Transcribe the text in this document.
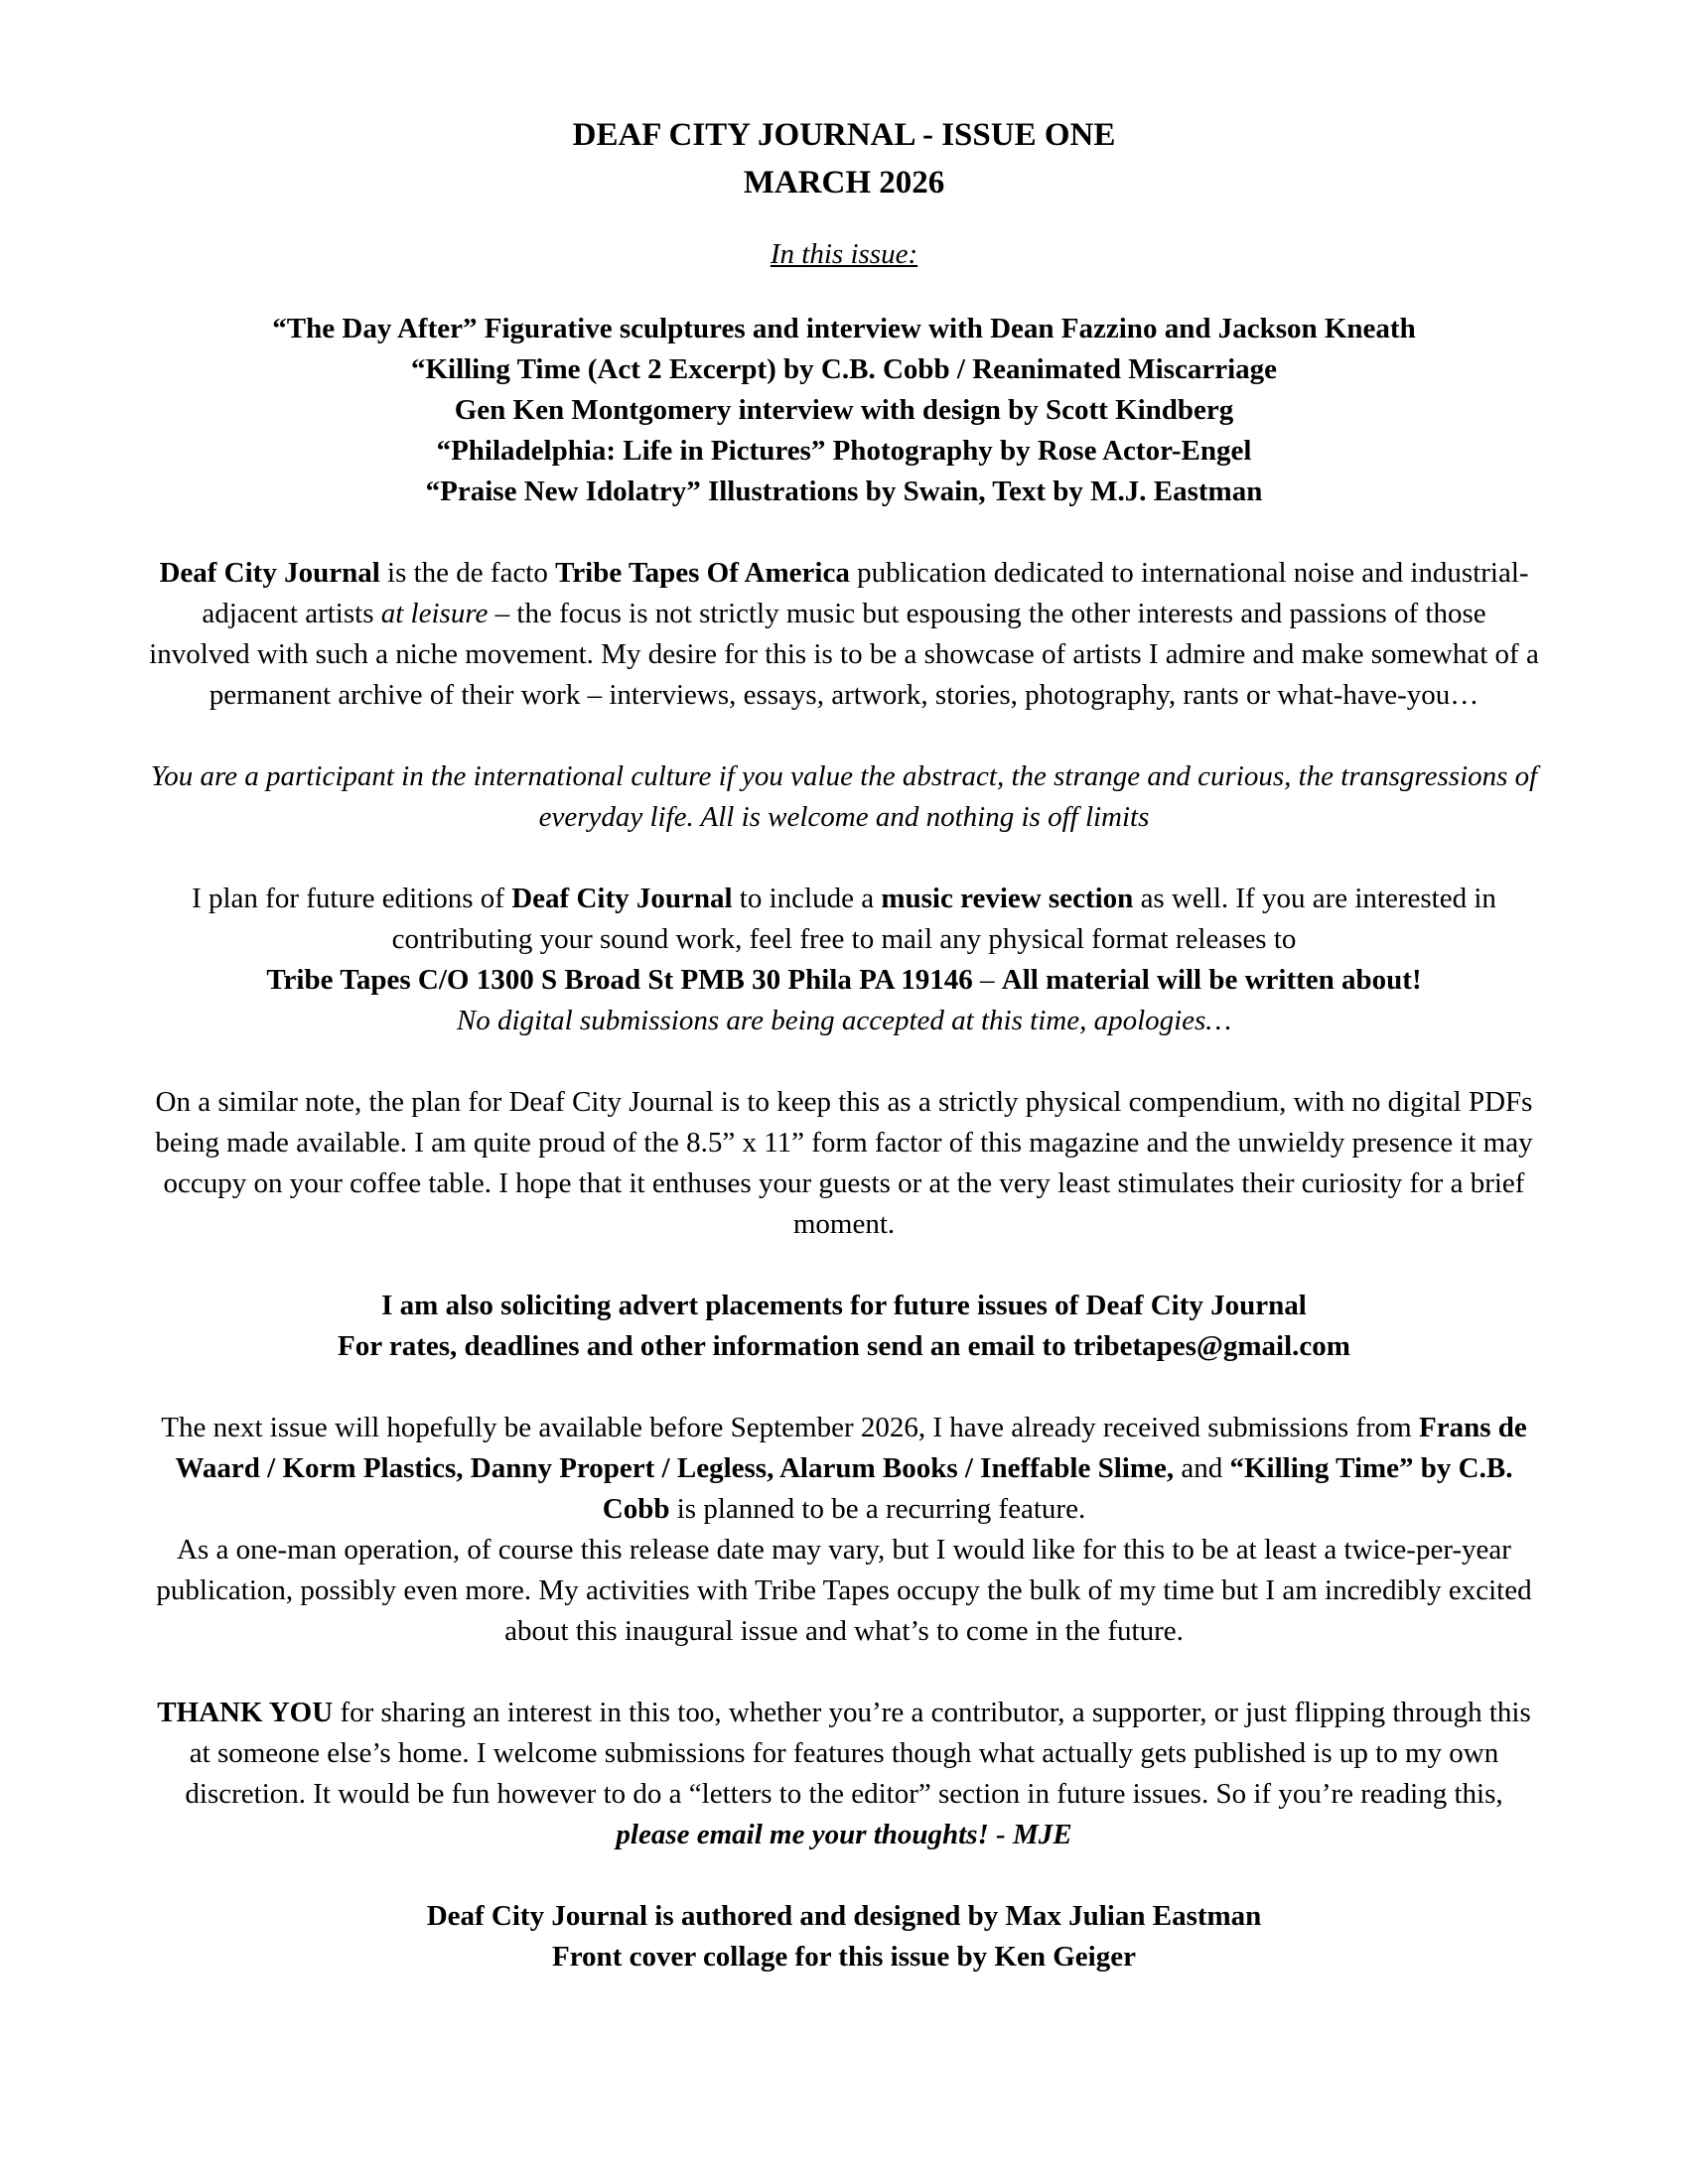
DEAF CITY JOURNAL - ISSUE ONE
MARCH 2026
In this issue:
“The Day After” Figurative sculptures and interview with Dean Fazzino and Jackson Kneath
“Killing Time (Act 2 Excerpt) by C.B. Cobb / Reanimated Miscarriage
Gen Ken Montgomery interview with design by Scott Kindberg
“Philadelphia: Life in Pictures” Photography by Rose Actor-Engel
“Praise New Idolatry” Illustrations by Swain, Text by M.J. Eastman

Deaf City Journal is the de facto Tribe Tapes Of America publication dedicated to international noise and industrial-adjacent artists at leisure – the focus is not strictly music but espousing the other interests and passions of those involved with such a niche movement. My desire for this is to be a showcase of artists I admire and make somewhat of a permanent archive of their work – interviews, essays, artwork, stories, photography, rants or what-have-you…

You are a participant in the international culture if you value the abstract, the strange and curious, the transgressions of everyday life. All is welcome and nothing is off limits

I plan for future editions of Deaf City Journal to include a music review section as well. If you are interested in contributing your sound work, feel free to mail any physical format releases to
Tribe Tapes C/O 1300 S Broad St PMB 30 Phila PA 19146 – All material will be written about!
No digital submissions are being accepted at this time, apologies…

On a similar note, the plan for Deaf City Journal is to keep this as a strictly physical compendium, with no digital PDFs being made available. I am quite proud of the 8.5” x 11” form factor of this magazine and the unwieldy presence it may occupy on your coffee table. I hope that it enthuses your guests or at the very least stimulates their curiosity for a brief moment.

I am also soliciting advert placements for future issues of Deaf City Journal
For rates, deadlines and other information send an email to tribetapes@gmail.com

The next issue will hopefully be available before September 2026, I have already received submissions from Frans de Waard / Korm Plastics, Danny Propert / Legless, Alarum Books / Ineffable Slime, and “Killing Time” by C.B. Cobb is planned to be a recurring feature.
As a one-man operation, of course this release date may vary, but I would like for this to be at least a twice-per-year publication, possibly even more. My activities with Tribe Tapes occupy the bulk of my time but I am incredibly excited about this inaugural issue and what’s to come in the future.

THANK YOU for sharing an interest in this too, whether you’re a contributor, a supporter, or just flipping through this at someone else’s home. I welcome submissions for features though what actually gets published is up to my own discretion. It would be fun however to do a “letters to the editor” section in future issues. So if you’re reading this, please email me your thoughts! - MJE

Deaf City Journal is authored and designed by Max Julian Eastman
Front cover collage for this issue by Ken Geiger
